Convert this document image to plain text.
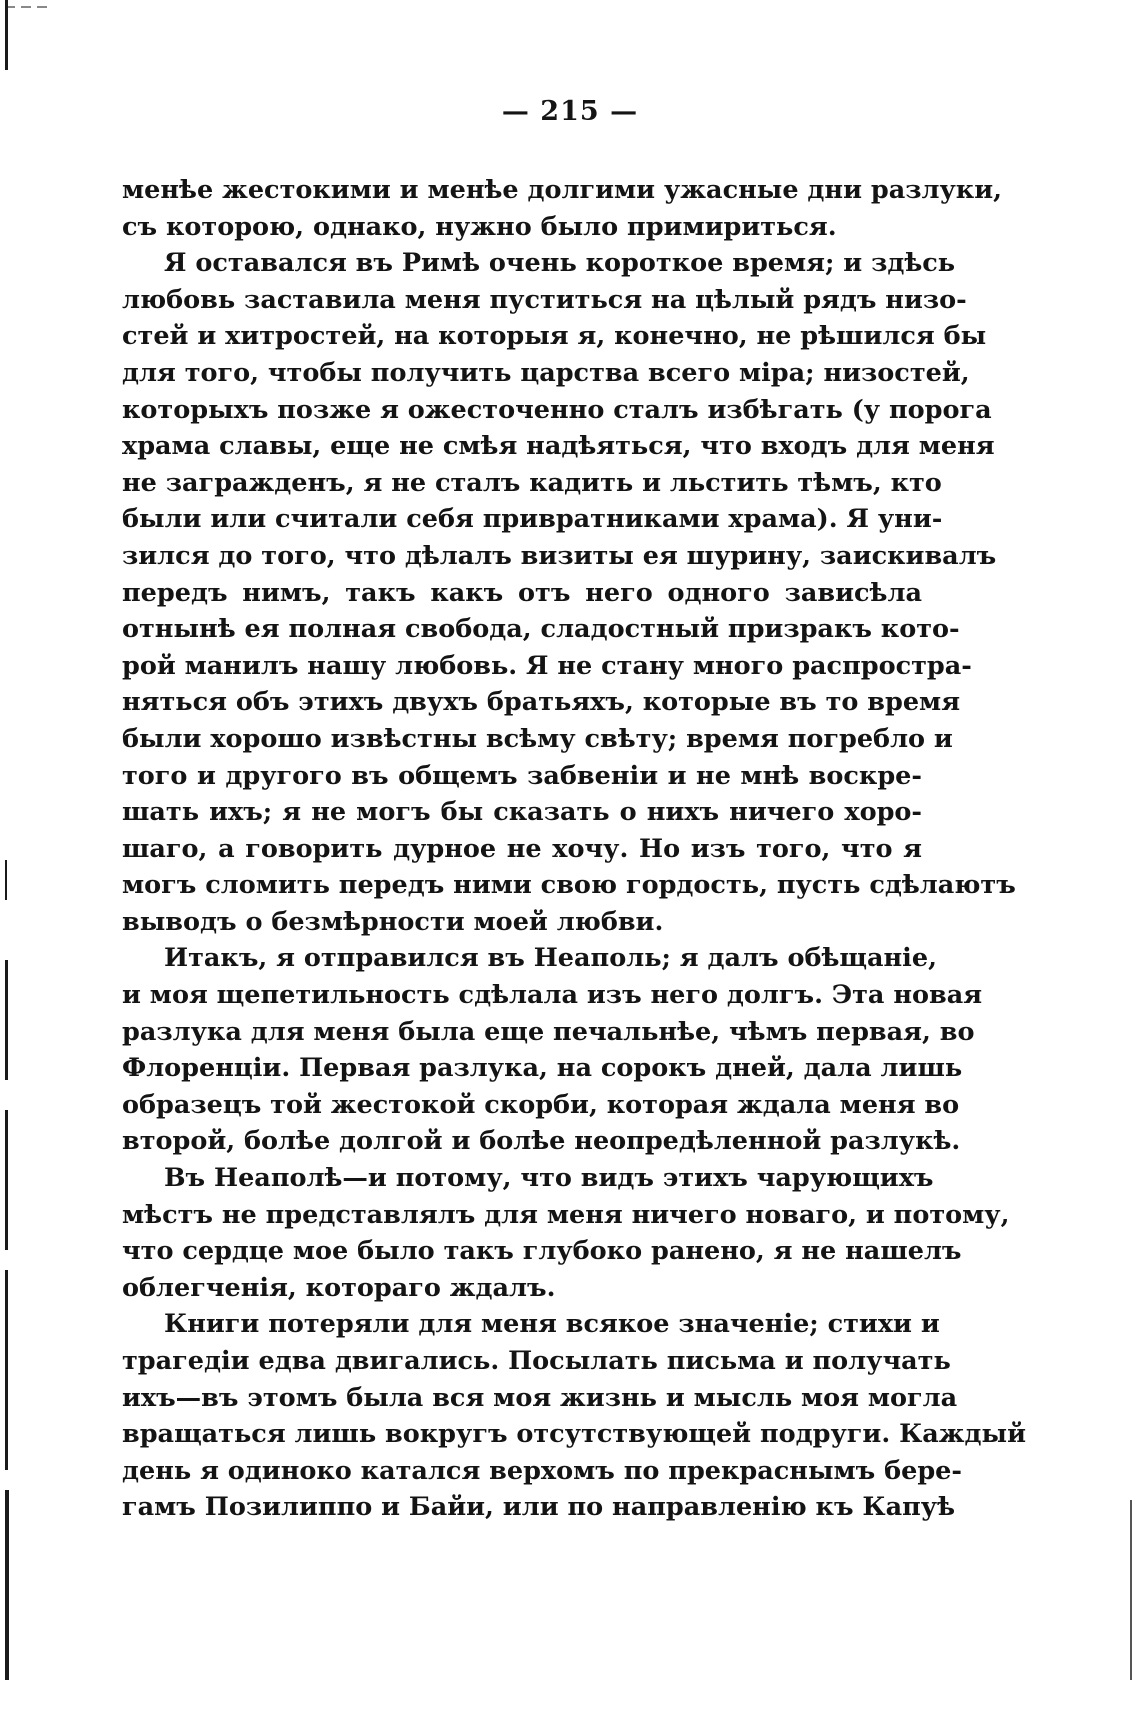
— 215 —
менѣе жестокими и менѣе долгими ужасные дни разлуки,
съ которою, однако, нужно было примириться.
Я оставался въ Римѣ очень короткое время; и здѣсь
любовь заставила меня пуститься на цѣлый рядъ низо-
стей и хитростей, на которыя я, конечно, не рѣшился бы
для того, чтобы получить царства всего міра; низостей,
которыхъ позже я ожесточенно сталъ избѣгать (у порога
храма славы, еще не смѣя надѣяться, что входъ для меня
не загражденъ, я не сталъ кадить и льстить тѣмъ, кто
были или считали себя привратниками храма). Я уни-
зился до того, что дѣлалъ визиты ея шурину, заискивалъ
передъ нимъ, такъ какъ отъ него одного зависѣла
отнынѣ ея полная свобода, сладостный призракъ кото-
рой манилъ нашу любовь. Я не стану много распростра-
няться объ этихъ двухъ братьяхъ, которые въ то время
были хорошо извѣстны всѣму свѣту; время погребло и
того и другого въ общемъ забвеніи и не мнѣ воскре-
шать ихъ; я не могъ бы сказать о нихъ ничего хоро-
шаго, а говорить дурное не хочу. Но изъ того, что я
могъ сломить передъ ними свою гордость, пусть сдѣлаютъ
выводъ о безмѣрности моей любви.
Итакъ, я отправился въ Неаполь; я далъ обѣщаніе,
и моя щепетильность сдѣлала изъ него долгъ. Эта новая
разлука для меня была еще печальнѣе, чѣмъ первая, во
Флоренціи. Первая разлука, на сорокъ дней, дала лишь
образецъ той жестокой скорби, которая ждала меня во
второй, болѣе долгой и болѣе неопредѣленной разлукѣ.
Въ Неаполѣ—и потому, что видъ этихъ чарующихъ
мѣстъ не представлялъ для меня ничего новаго, и потому,
что сердце мое было такъ глубоко ранено, я не нашелъ
облегченія, котораго ждалъ.
Книги потеряли для меня всякое значеніе; стихи и
трагедіи едва двигались. Посылать письма и получать
ихъ—въ этомъ была вся моя жизнь и мысль моя могла
вращаться лишь вокругъ отсутствующей подруги. Каждый
день я одиноко катался верхомъ по прекраснымъ бере-
гамъ Позилиппо и Байи, или по направленію къ Капуѣ
